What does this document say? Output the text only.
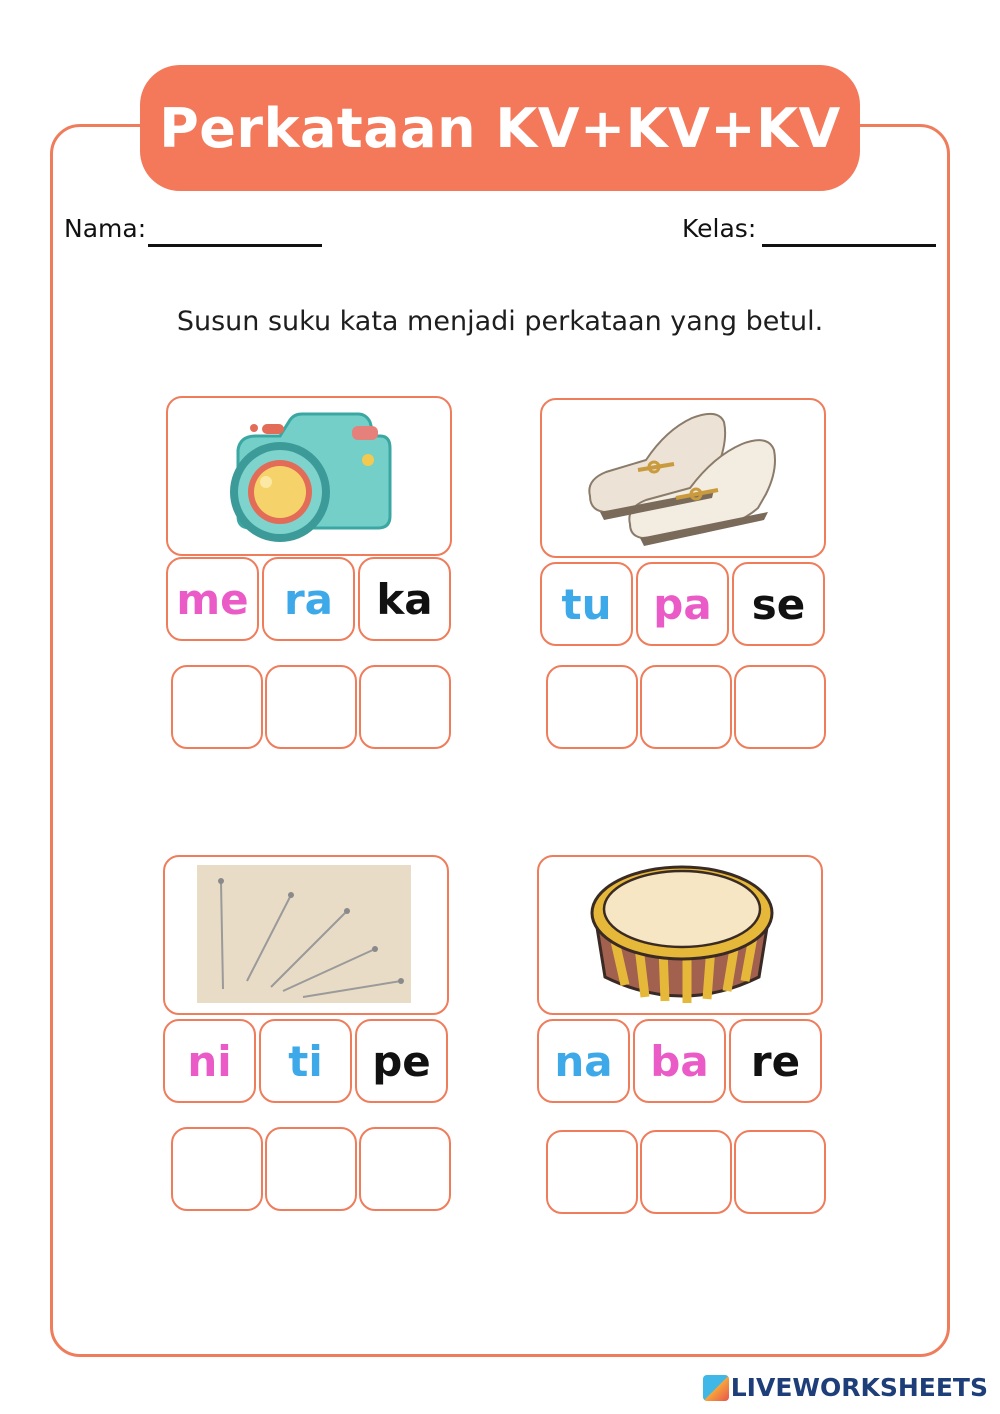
Perkataan KV+KV+KV
Nama:	Kelas:
Susun suku kata menjadi perkataan yang betul.
me ra ka	tu pa se
ni ti pe	na ba re
LIVEWORKSHEETS
